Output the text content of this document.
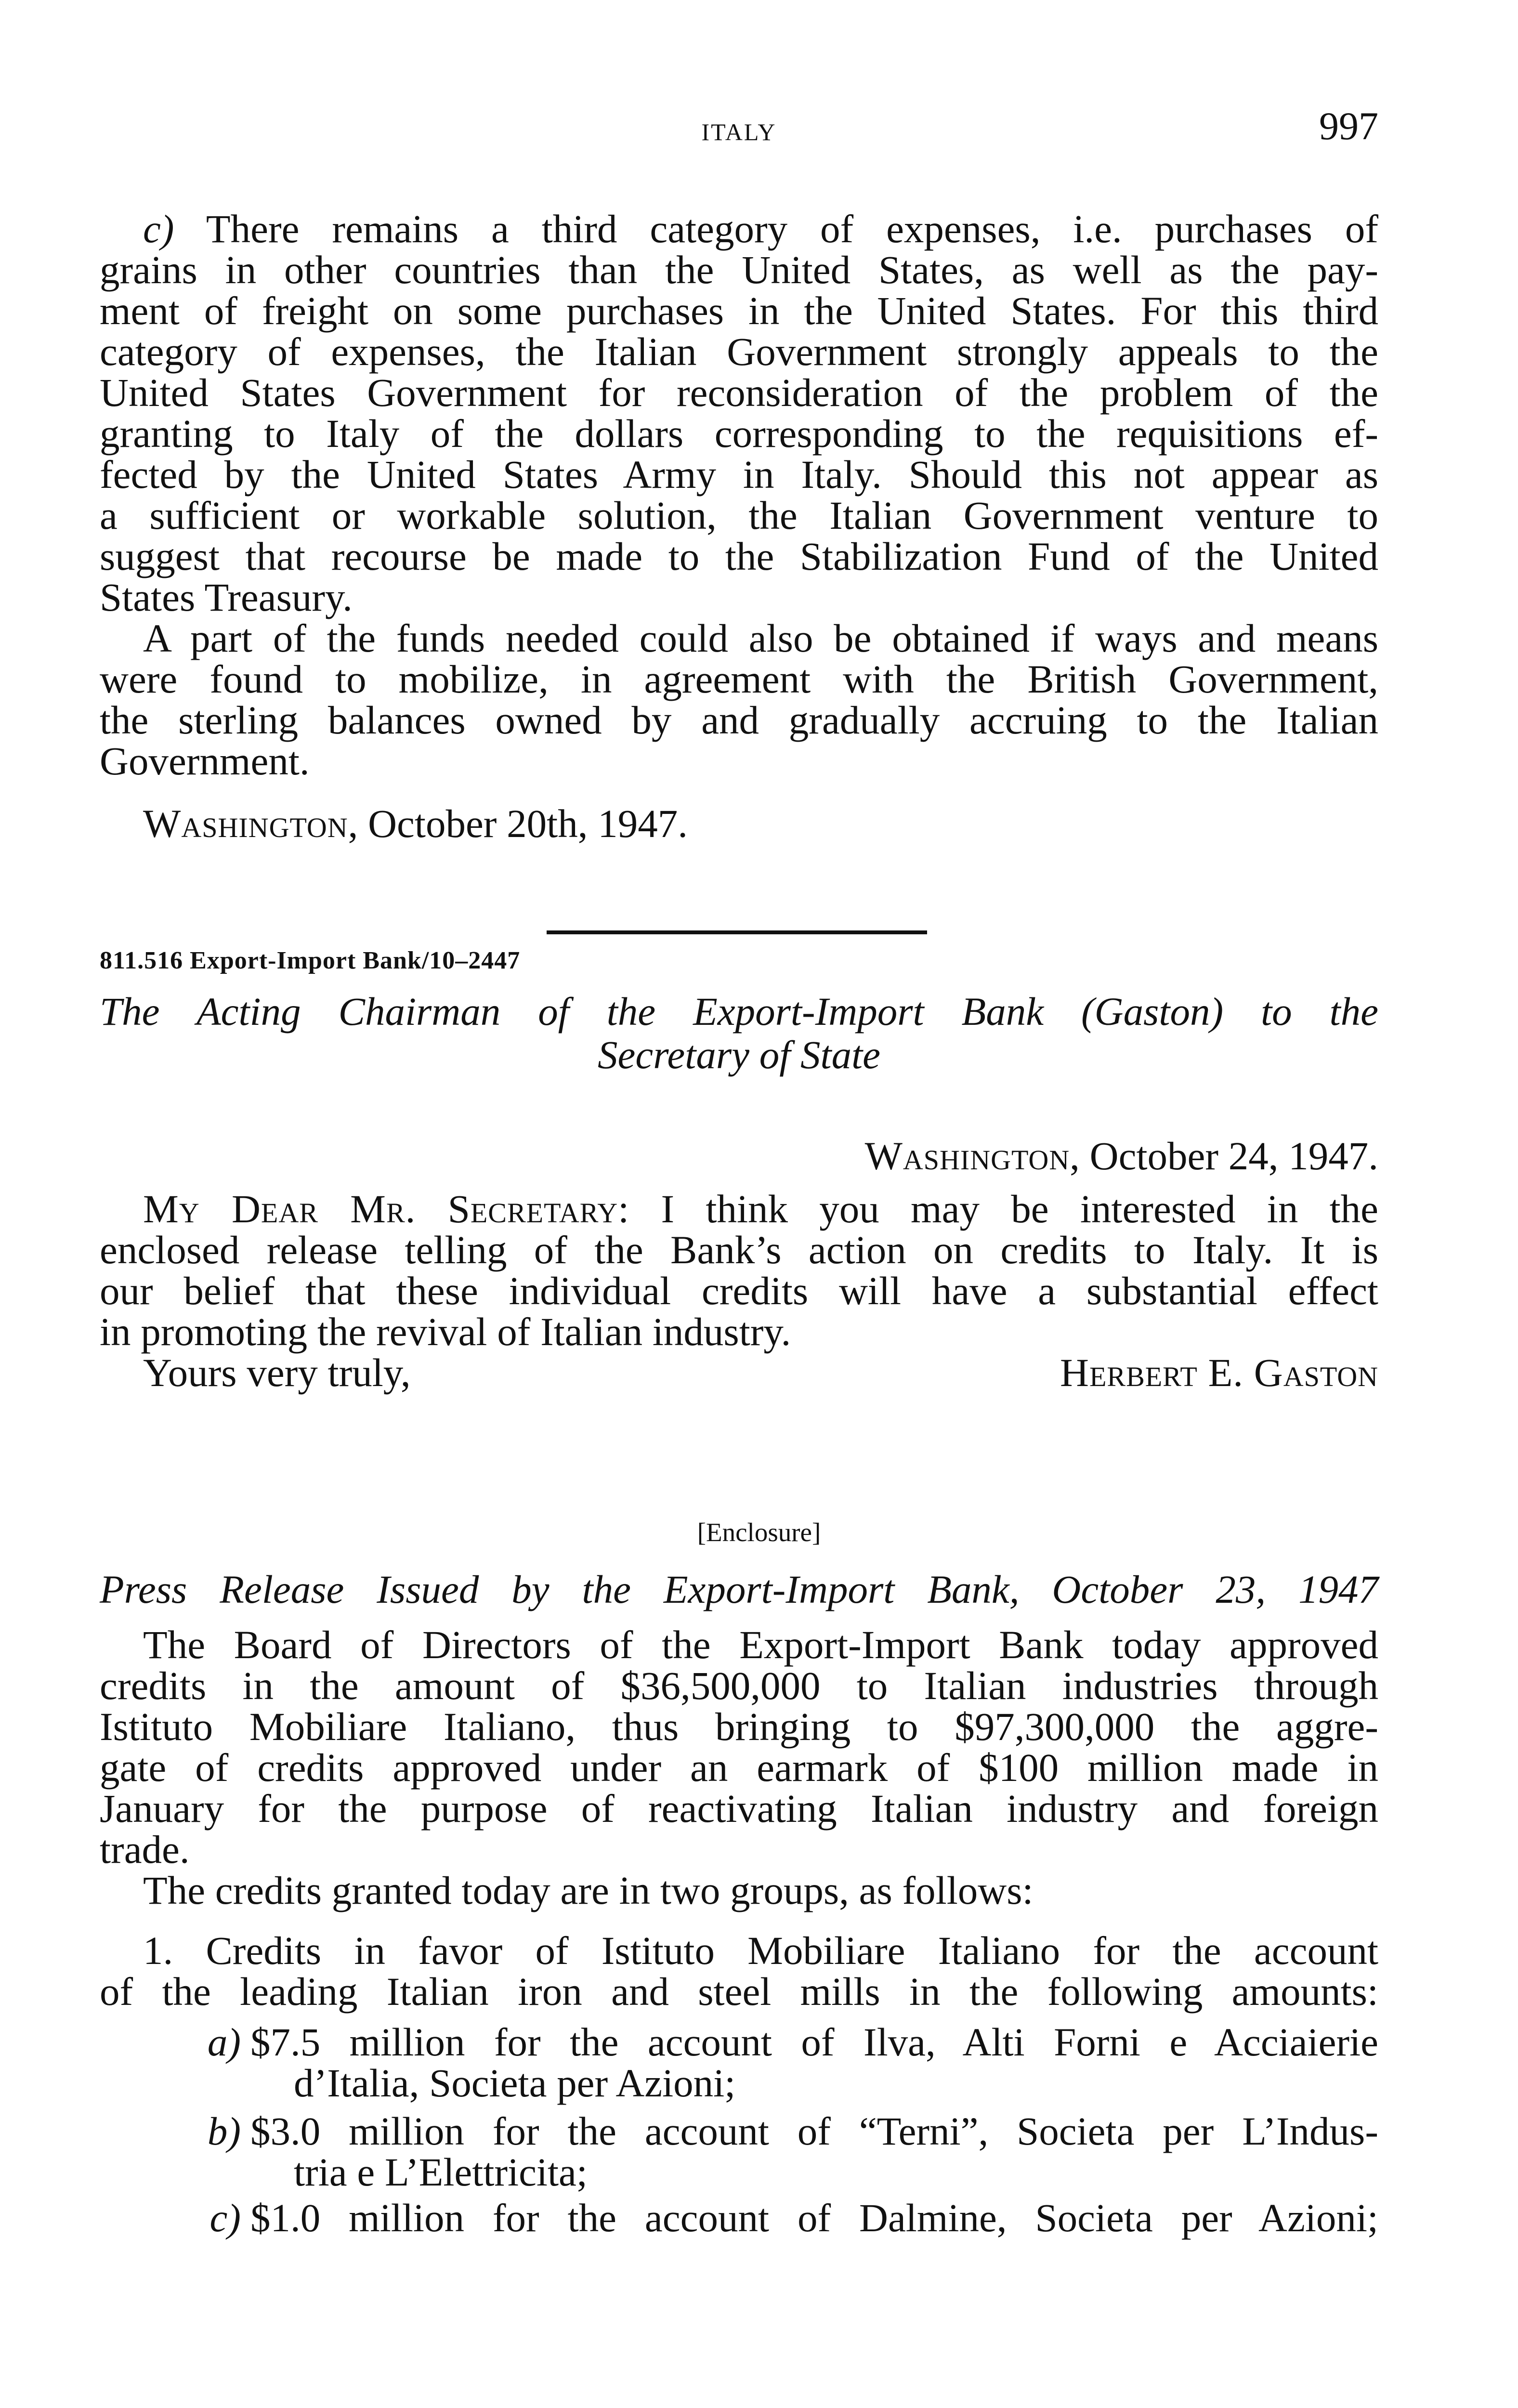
ITALY	997
c) There remains a third category of expenses, i.e. purchases of
grains in other countries than the United States, as well as the pay-
ment of freight on some purchases in the United States. For this third
category of expenses, the Italian Government strongly appeals to the
United States Government for reconsideration of the problem of the
granting to Italy of the dollars corresponding to the requisitions ef-
fected by the United States Army in Italy. Should this not appear as
a sufficient or workable solution, the Italian Government venture to
suggest that recourse be made to the Stabilization Fund of the United
States Treasury.
A part of the funds needed could also be obtained if ways and means
were found to mobilize, in agreement with the British Government,
the sterling balances owned by and gradually accruing to the Italian
Government.
Washington, October 20th, 1947.
811.516 Export-Import Bank/10–2447
The Acting Chairman of the Export-Import Bank (Gaston) to the
Secretary of State
Washington, October 24, 1947.
My Dear Mr. Secretary: I think you may be interested in the
enclosed release telling of the Bank’s action on credits to Italy. It is
our belief that these individual credits will have a substantial effect
in promoting the revival of Italian industry.
Yours very truly,	Herbert E. Gaston
[Enclosure]
Press Release Issued by the Export-Import Bank, October 23, 1947
The Board of Directors of the Export-Import Bank today approved
credits in the amount of $36,500,000 to Italian industries through
Istituto Mobiliare Italiano, thus bringing to $97,300,000 the aggre-
gate of credits approved under an earmark of $100 million made in
January for the purpose of reactivating Italian industry and foreign
trade.
The credits granted today are in two groups, as follows:
1. Credits in favor of Istituto Mobiliare Italiano for the account
of the leading Italian iron and steel mills in the following amounts:
a) $7.5 million for the account of Ilva, Alti Forni e Acciaierie
d’Italia, Societa per Azioni;
b) $3.0 million for the account of “Terni”, Societa per L’Indus-
tria e L’Elettricita;
c) $1.0 million for the account of Dalmine, Societa per Azioni;
